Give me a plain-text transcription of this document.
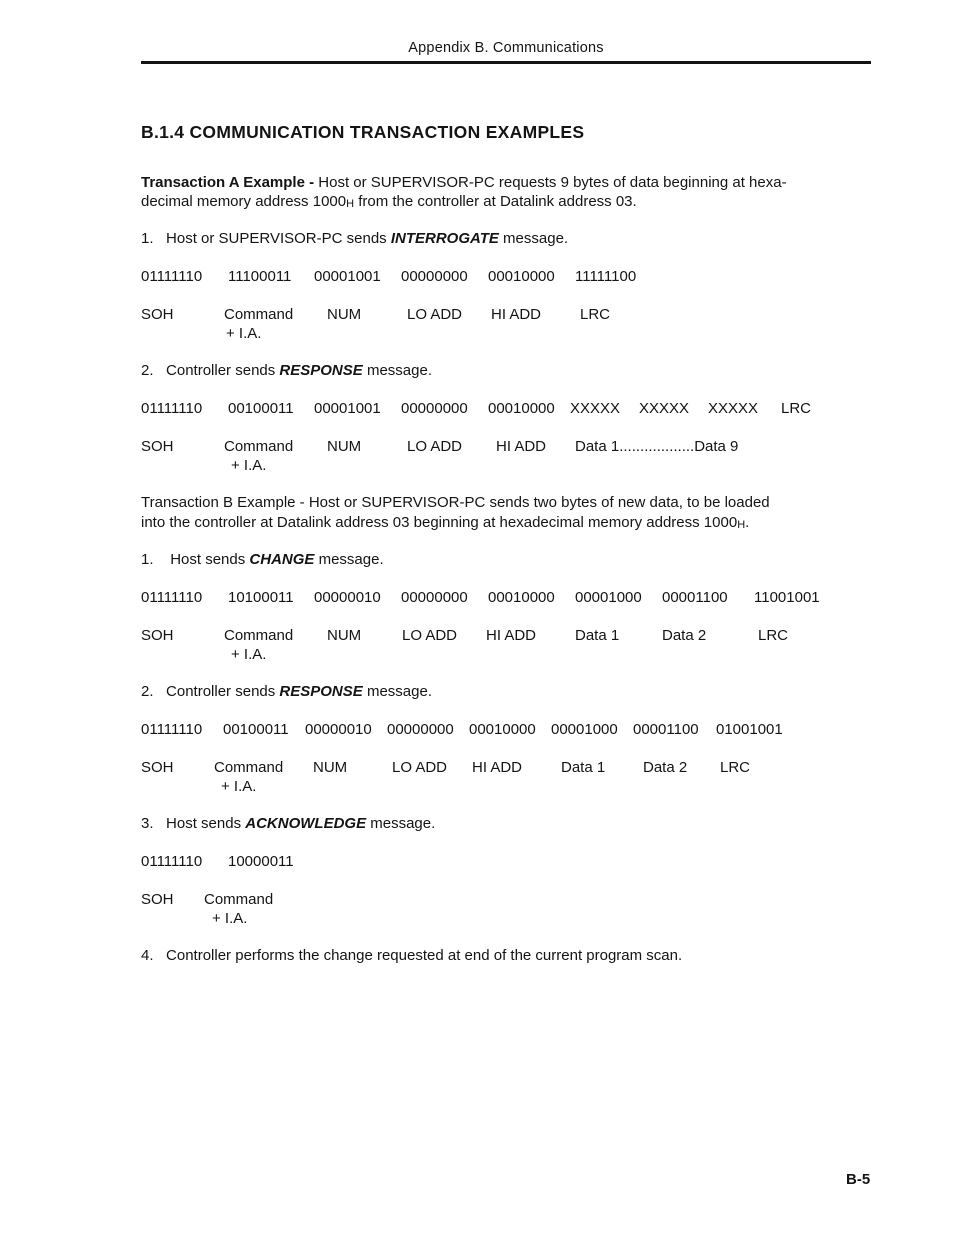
Appendix B. Communications
B.1.4 COMMUNICATION TRANSACTION EXAMPLES
Transaction A Example - Host or SUPERVISOR-PC requests 9 bytes of data beginning at hexa-
decimal memory address 1000H from the controller at Datalink address 03.
1. Host or SUPERVISOR-PC sends INTERROGATE message.
01111110 11100011 00001001 00000000 00010000 11111100
SOH	Command NUM	LO ADD HI ADD	LRC
+ I.A.
2. Controller sends RESPONSE message.
01111110 00100011 00001001 00000000 00010000 XXXXX XXXXX XXXXX LRC
SOH	Command NUM	LO ADD HI ADD Data 1..................Data 9
+ I.A.
Transaction B Example - Host or SUPERVISOR-PC sends two bytes of new data, to be loaded
into the controller at Datalink address 03 beginning at hexadecimal memory address 1000H.
1. Host sends CHANGE message.
01111110 10100011 00000010 00000000 00010000 00001000 00001100 11001001
SOH	Command NUM	LO ADD HI ADD	Data 1	Data 2	LRC
+ I.A.
2. Controller sends RESPONSE message.
01111110 00100011 00000010 00000000 00010000 00001000 00001100 01001001
SOH	Command NUM	LO ADD HI ADD	Data 1	Data 2 LRC
+ I.A.
3. Host sends ACKNOWLEDGE message.
01111110 10000011
SOH Command
+ I.A.
4. Controller performs the change requested at end of the current program scan.
B-5
